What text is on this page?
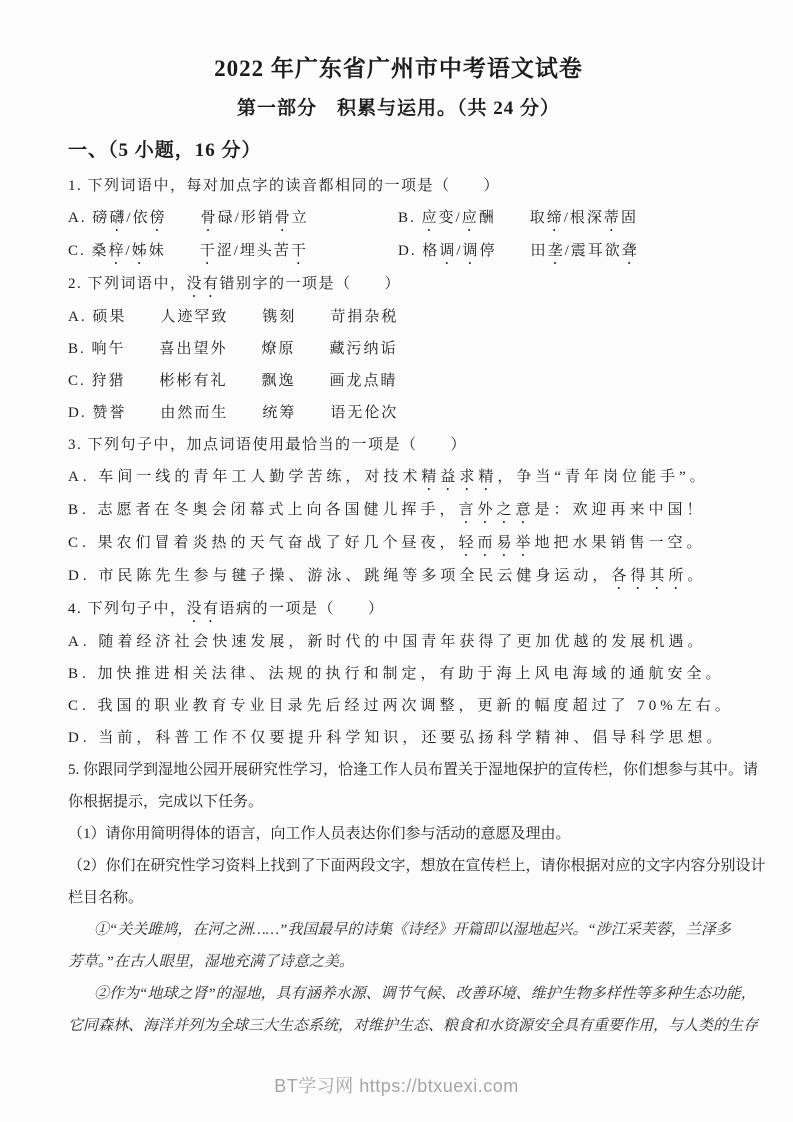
2022 年广东省广州市中考语文试卷
第一部分　积累与运用。（共 24 分）
一、（5 小题，16 分）
1. 下列词语中，每对加点字的读音都相同的一项是（　　）
A. 磅礴/依傍　　 骨碌/形销骨立	B. 应变/应酬　　取缔/根深蒂固
C. 桑梓/姊妹　　干涩/埋头苦干	D. 格调/调停　　田垄/震耳欲聋
2. 下列词语中，没有错别字的一项是（　　）
A. 硕果　　人迹罕致　　镌刻　　苛捐杂税
B. 响午　　喜出望外　　燎原　　藏污纳诟
C. 狩猎　　彬彬有礼　　飘逸　　画龙点睛
D. 赞誉　　由然而生　　统筹　　语无伦次
3. 下列句子中，加点词语使用最恰当的一项是（　　）
A. 车间一线的青年工人勤学苦练，对技术精益求精，争当“青年岗位能手”。
B. 志愿者在冬奥会闭幕式上向各国健儿挥手，言外之意是：欢迎再来中国！
C. 果农们冒着炎热的天气奋战了好几个昼夜，轻而易举地把水果销售一空。
D. 市民陈先生参与毽子操、游泳、跳绳等多项全民云健身运动，各得其所。
4. 下列句子中，没有语病的一项是（　　）
A. 随着经济社会快速发展，新时代的中国青年获得了更加优越的发展机遇。
B. 加快推进相关法律、法规的执行和制定，有助于海上风电海域的通航安全。
C. 我国的职业教育专业目录先后经过两次调整，更新的幅度超过了 70%左右。
D. 当前，科普工作不仅要提升科学知识，还要弘扬科学精神、倡导科学思想。
5. 你跟同学到湿地公园开展研究性学习，恰逢工作人员布置关于湿地保护的宣传栏，你们想参与其中。请
你根据提示，完成以下任务。
（1）请你用简明得体的语言，向工作人员表达你们参与活动的意愿及理由。
（2）你们在研究性学习资料上找到了下面两段文字，想放在宣传栏上，请你根据对应的文字内容分别设计
栏目名称。
①“关关雎鸠，在河之洲……”我国最早的诗集《诗经》开篇即以湿地起兴。“涉江采芙蓉，兰泽多
芳草。”在古人眼里，湿地充满了诗意之美。
②作为“地球之肾”的湿地，具有涵养水源、调节气候、改善环境、维护生物多样性等多种生态功能，
它同森林、海洋并列为全球三大生态系统，对维护生态、粮食和水资源安全具有重要作用，与人类的生存
BT学习网 https://btxuexi.com
